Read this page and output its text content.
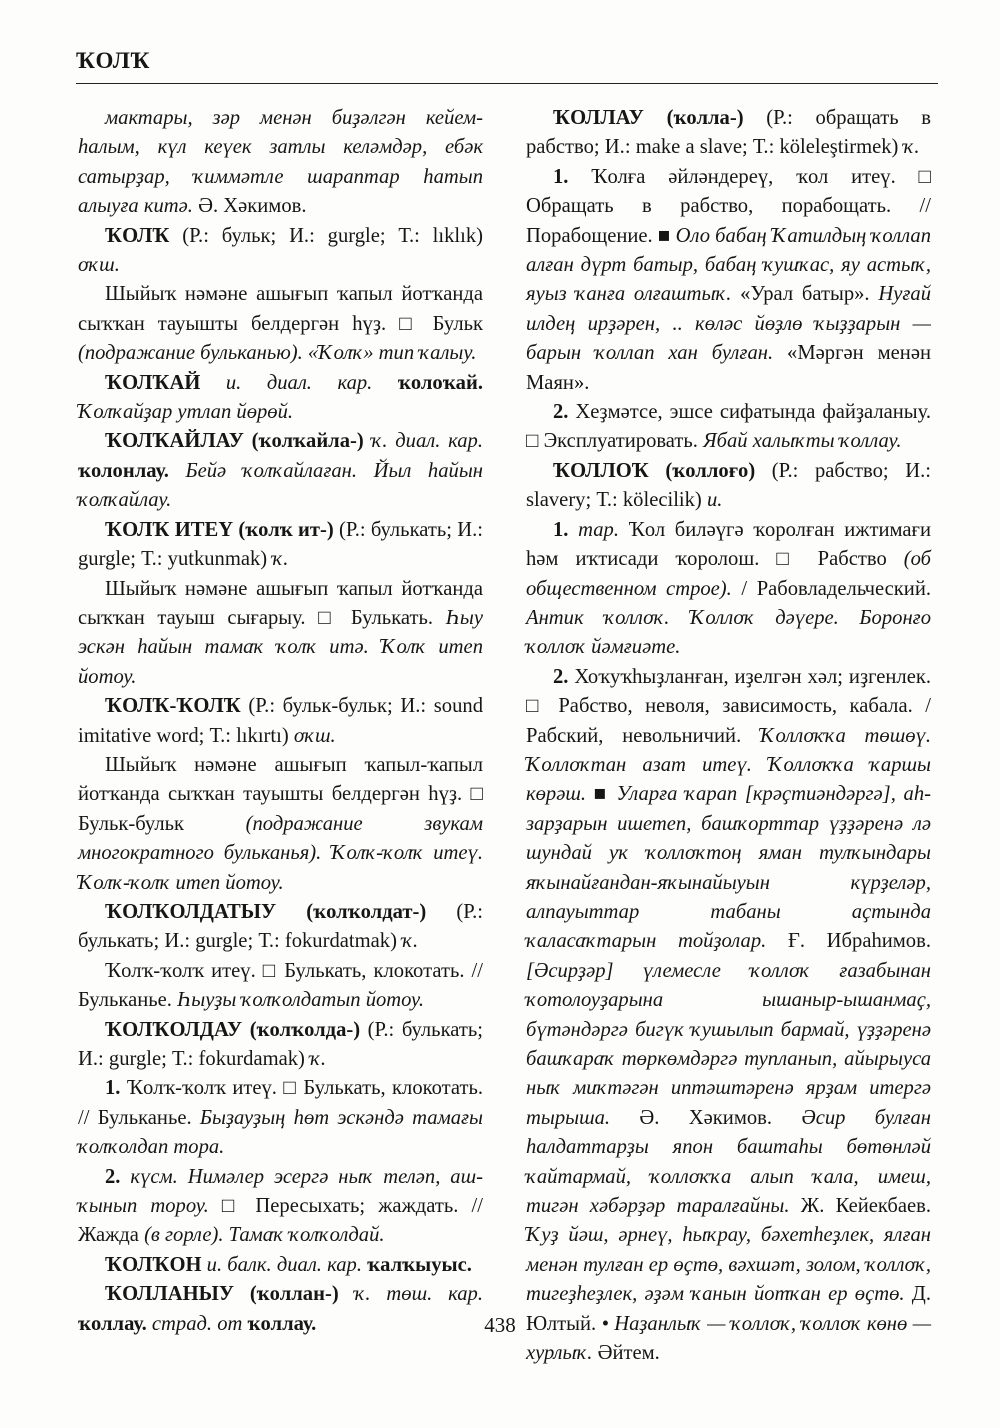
ҠОЛҠ

мактары, зәр менән биҙәлгән кейем-һалым, күл кеүек затлы келәмдәр, ебәк сатырҙар, ҡиммәтле шараптар һатып алыуға китә. Ә. Хәкимов.

ҠОЛҠ (Р.: бульк; И.: gurgle; Т.: lıklık) оҡш.

Шыйыҡ нәмәне ашығып ҡапыл йотҡанда сыҡҡан тауышты белдергән һүҙ. □ Бульк (подражание бульканью). «Ҡолҡ» тип ҡалыу.

ҠОЛҠАЙ и. диал. кар. ҡолоҡай. Ҡолҡайҙар утлап йөрөй.

ҠОЛҠАЙЛАУ (ҡолҡайла-) ҡ. диал. кар. ҡолонлау. Бейә ҡолҡайлаған. Йыл һайын ҡолҡайлау.

ҠОЛҠ ИТЕҮ (ҡолҡ ит-) (Р.: булькать; И.: gurgle; Т.: yutkunmak) ҡ.

Шыйыҡ нәмәне ашығып ҡапыл йотҡанда сыҡҡан тауыш сығарыу. □ Булькать. Һыу эскән һайын тамаҡ ҡолҡ итә. Ҡолҡ итеп йотоу.

ҠОЛҠ-ҠОЛҠ (Р.: бульк-бульк; И.: sound imitative word; Т.: lıkırtı) оҡш.

Шыйыҡ нәмәне ашығып ҡапыл-ҡапыл йотҡанда сыҡҡан тауышты белдергән һүҙ. □ Бульк-бульк (подражание звукам многократного бульканья). Ҡолҡ-ҡолҡ итеү. Ҡолҡ-ҡолҡ итеп йотоу.

ҠОЛҠОЛДАТЫУ (ҡолҡолдат-) (Р.: булькать; И.: gurgle; Т.: fokurdatmak) ҡ.

Ҡолҡ-ҡолҡ итеү. □ Булькать, клокотать. // Бульканье. Һыуҙы ҡолҡолдатып йотоу.

ҠОЛҠОЛДАУ (ҡолҡолда-) (Р.: булькать; И.: gurgle; Т.: fokurdamak) ҡ.

1. Ҡолҡ-ҡолҡ итеү. □ Булькать, клокотать. // Бульканье. Быҙауҙың һөт эскәндә тамағы ҡолҡолдап тора.

2. күсм. Нимәлер эсергә ныҡ теләп, аш-ҡынып тороу. □ Пересыхать; жаждать. // Жажда (в горле). Тамаҡ ҡолҡолдай.

ҠОЛҠОН и. балк. диал. кар. ҡалҡыуыс.

ҠОЛЛАНЫУ (ҡоллан-) ҡ. төш. кар. ҡоллау. страд. от ҡоллау.

ҠОЛЛАУ (ҡолла-) (Р.: обращать в рабство; И.: make a slave; Т.: köleleştirmek) ҡ.

1. Ҡолға әйләндереү, ҡол итеү. □ Обращать в рабство, порабощать. // Порабощение. ■ Оло бабаң Ҡатилдың ҡоллап алған дүрт батыр, бабаң ҡушҡас, яу астыҡ, яуыз ҡанға олғаштыҡ. «Урал батыр». Нуғай илдең ирҙәрен, .. көләс йөҙлө ҡыҙҙарын — барын ҡоллап хан булған. «Мәргән менән Маян».

2. Хеҙмәтсе, эшсе сифатында файҙаланыу. □ Эксплуатировать. Ябай халыҡты ҡоллау.

ҠОЛЛОҠ (ҡоллоғо) (Р.: рабство; И.: slavery; Т.: kölecilik) и.

1. тар. Ҡол биләүгә ҡоролған ижтимағи һәм иҡтисади ҡоролош. □ Рабство (об общественном строе). / Рабовладельческий. Антик ҡоллоҡ. Ҡоллоҡ дәүере. Боронғо ҡоллоҡ йәмғиәте.

2. Хоҡуҡһыҙланған, иҙелгән хәл; иҙгенлек. □ Рабство, неволя, зависимость, кабала. / Рабский, невольничий. Ҡоллоҡҡа төшөү. Ҡоллоҡтан азат итеү. Ҡоллоҡҡа ҡаршы көрәш. ■ Уларға ҡарап [крәҫтиәндәргә], аһ-зарҙарын ишетеп, башҡорттар үҙҙәренә лә шундай уҡ ҡоллоҡтоң яман тулҡындары яҡынайғандан-яҡынайыуын күрҙеләр, алпауыттар табаны аҫтында ҡаласаҡтарын тойҙолар. Ғ. Ибраһимов. [Әсирҙәр] үлемесле ҡоллоҡ ғазабынан ҡотолоуҙарына ышаныр-ышанмаҫ, бүтәндәргә бигүк ҡушылып бармай, үҙҙәренә башҡараҡ төркөмдәргә тупланып, айырыуса ныҡ миҡтәгән иптәштәренә ярҙам итергә тырыша. Ә. Хәкимов. Әсир булған һалдаттарҙы япон баштаһы бөтөнләй ҡайтармай, ҡоллоҡҡа алып ҡала, имеш, тигән хәбәрҙәр таралғайны. Ж. Кейекбаев. Ҡуҙ йәш, әрнеү, һыҡрау, бәхетһеҙлек, ялған менән тулған ер өҫтө, вәхшәт, золом, ҡоллоҡ, тигеҙһеҙлек, әҙәм ҡанын йотҡан ер өҫтө. Д. Юлтый. • Наҙанлыҡ — ҡоллоҡ, ҡоллоҡ көнө — хурлыҡ. Әйтем.

438
